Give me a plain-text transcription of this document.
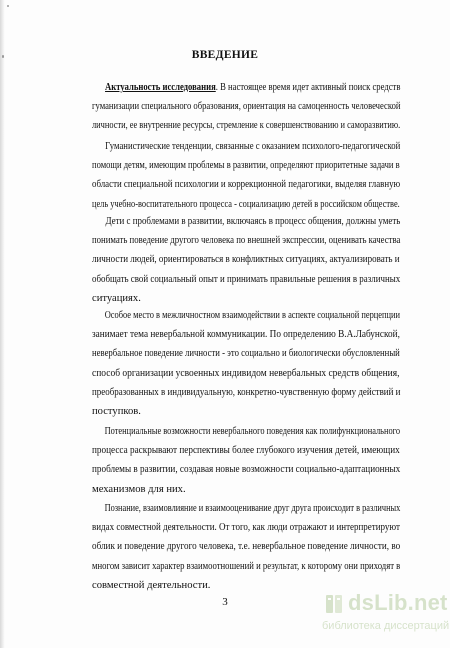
ВВЕДЕНИЕ
Актуальность исследования. В настоящее время идет активный поиск средств
гуманизации специального образования, ориентация на самоценность человеческой
личности, ее внутренние ресурсы, стремление к совершенствованию и саморазвитию.
Гуманистические тенденции, связанные с оказанием психолого-педагогической
помощи детям, имеющим проблемы в развитии, определяют приоритетные задачи в
области специальной психологии и коррекционной педагогики, выделяя главную
цель учебно-воспитательного процесса - социализацию детей в российском обществе.
Дети с проблемами в развитии, включаясь в процесс общения, должны уметь
понимать поведение другого человека по внешней экспрессии, оценивать качества
личности людей, ориентироваться в конфликтных ситуациях, актуализировать и
обобщать свой социальный опыт и принимать правильные решения в различных
ситуациях.
Особое место в межличностном взаимодействии в аспекте социальной перцепции
занимает тема невербальной коммуникации. По определению В.А.Лабунской,
невербальное поведение личности - это социально и биологически обусловленный
способ организации усвоенных индивидом невербальных средств общения,
преобразованных в индивидуальную, конкретно-чувственную форму действий и
поступков.
Потенциальные возможности невербального поведения как полифункционального
процесса раскрывают перспективы более глубокого изучения детей, имеющих
проблемы в развитии, создавая новые возможности социально-адаптационных
механизмов для них.
Познание, взаимовлияние и взаимооценивание друг друга происходит в различных
видах совместной деятельности. От того, как люди отражают и интерпретируют
облик и поведение другого человека, т.е. невербальное поведение личности, во
многом зависит характер взаимоотношений и результат, к которому они приходят в
совместной деятельности.
3	dsLib.net
библиотека диссертаций
